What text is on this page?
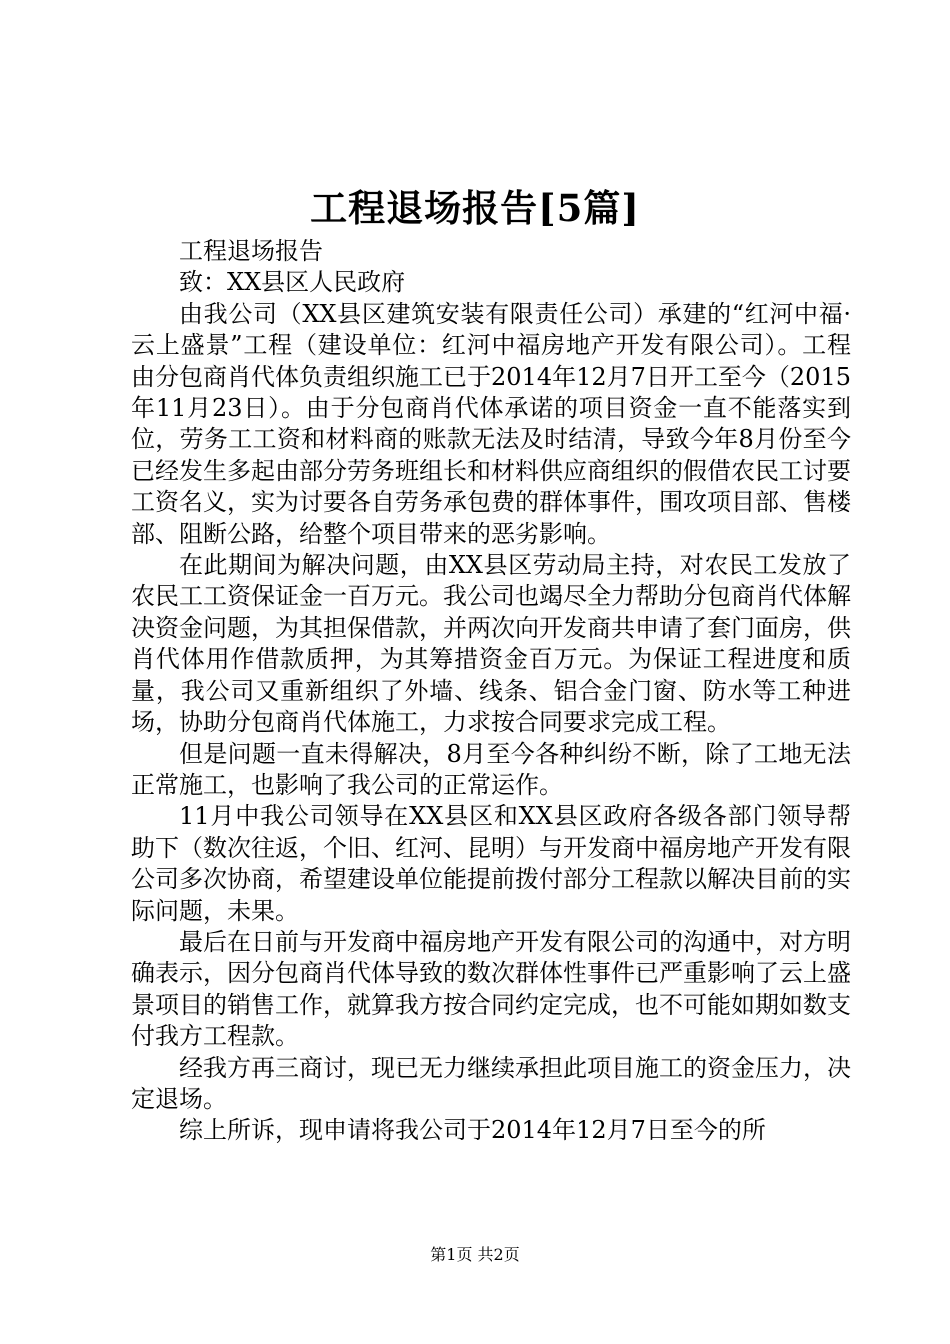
工程退场报告[5篇]

工程退场报告

致：XX县区人民政府

由我公司（XX县区建筑安装有限责任公司）承建的“红河中福·云上盛景”工程（建设单位：红河中福房地产开发有限公司）。工程由分包商肖代体负责组织施工已于2014年12月7日开工至今（2015年11月23日）。由于分包商肖代体承诺的项目资金一直不能落实到位，劳务工工资和材料商的账款无法及时结清，导致今年8月份至今已经发生多起由部分劳务班组长和材料供应商组织的假借农民工讨要工资名义，实为讨要各自劳务承包费的群体事件，围攻项目部、售楼部、阻断公路，给整个项目带来的恶劣影响。

在此期间为解决问题，由XX县区劳动局主持，对农民工发放了农民工工资保证金一百万元。我公司也竭尽全力帮助分包商肖代体解决资金问题，为其担保借款，并两次向开发商共申请了套门面房，供肖代体用作借款质押，为其筹措资金百万元。为保证工程进度和质量，我公司又重新组织了外墙、线条、铝合金门窗、防水等工种进场，协助分包商肖代体施工，力求按合同要求完成工程。

但是问题一直未得解决，8月至今各种纠纷不断，除了工地无法正常施工，也影响了我公司的正常运作。

11月中我公司领导在XX县区和XX县区政府各级各部门领导帮助下（数次往返，个旧、红河、昆明）与开发商中福房地产开发有限公司多次协商，希望建设单位能提前拨付部分工程款以解决目前的实际问题，未果。

最后在日前与开发商中福房地产开发有限公司的沟通中，对方明确表示，因分包商肖代体导致的数次群体性事件已严重影响了云上盛景项目的销售工作，就算我方按合同约定完成，也不可能如期如数支付我方工程款。

经我方再三商讨，现已无力继续承担此项目施工的资金压力，决定退场。

综上所诉，现申请将我公司于2014年12月7日至今的所

第1页 共2页
